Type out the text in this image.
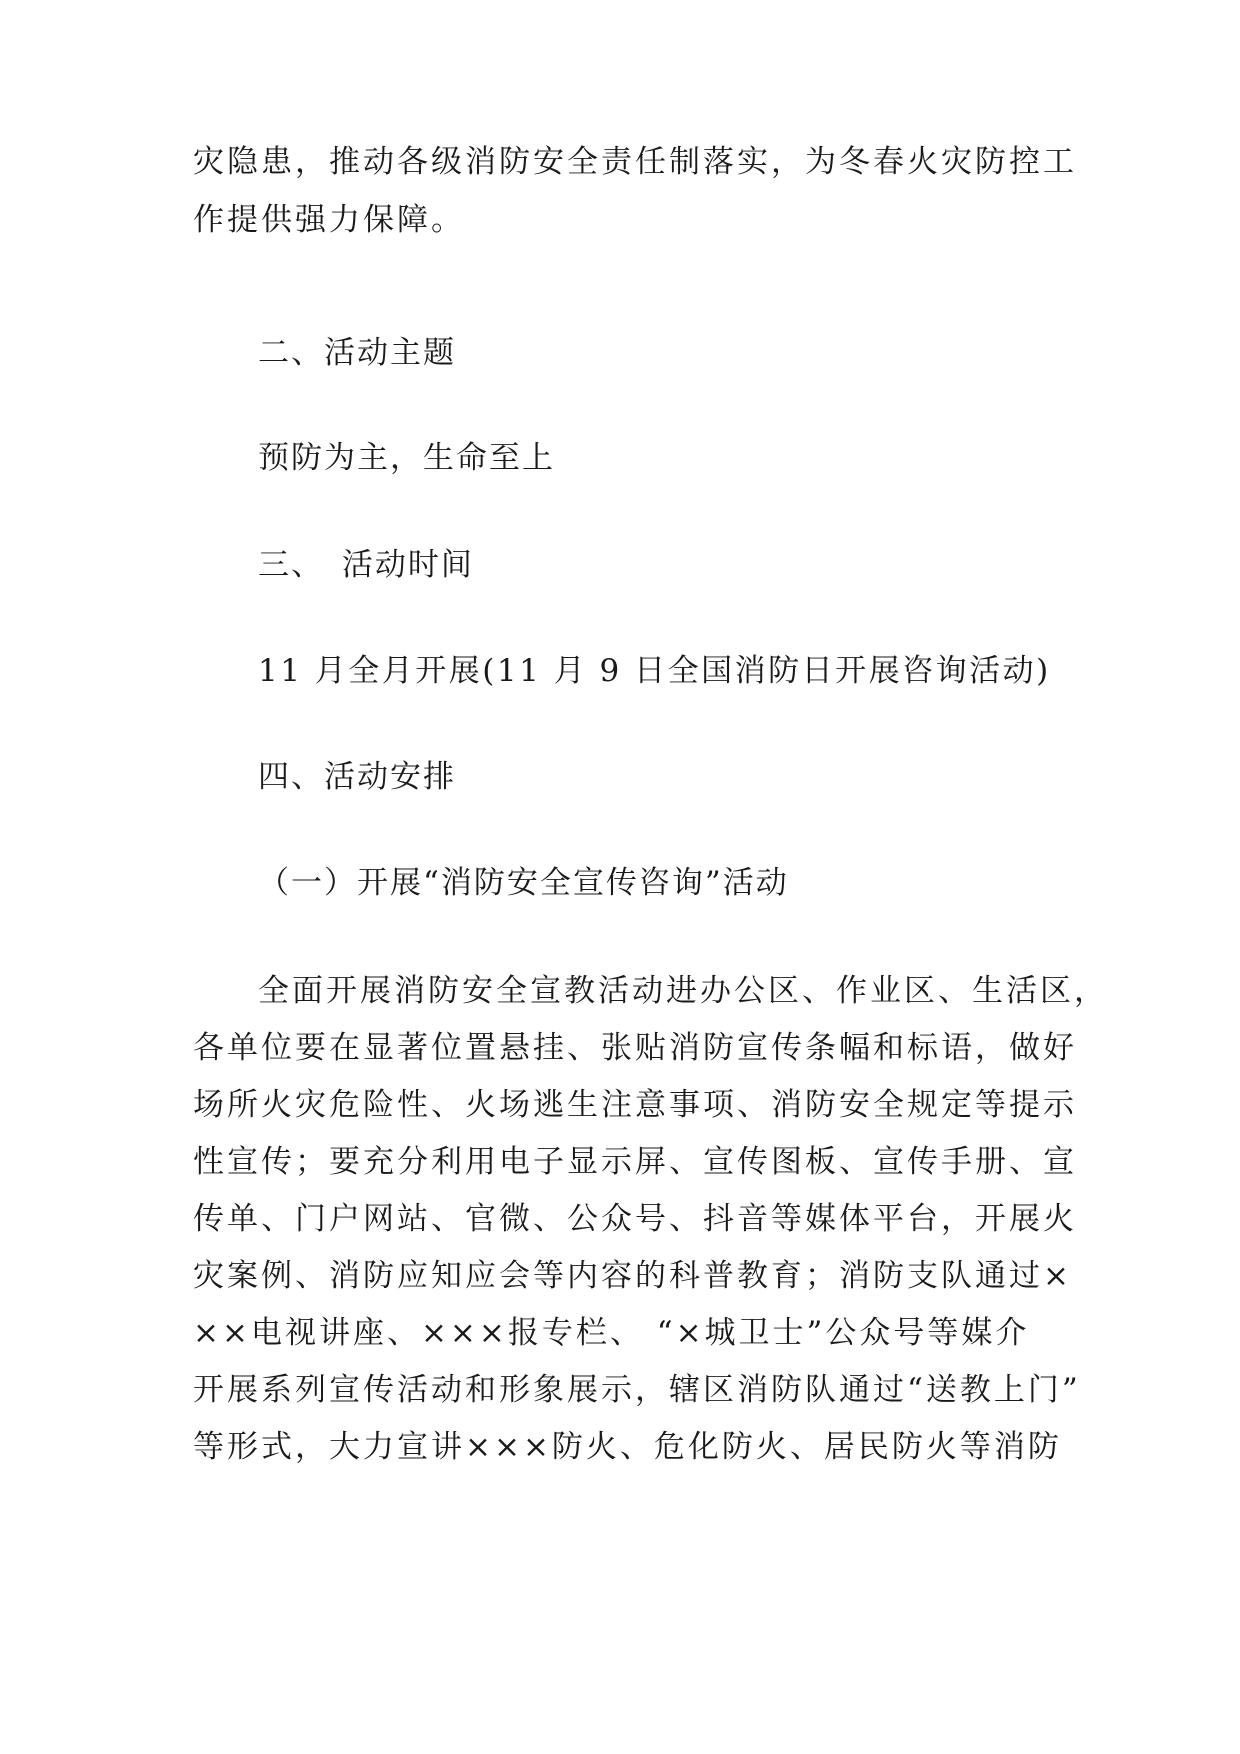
灾隐患，推动各级消防安全责任制落实，为冬春火灾防控工
作提供强力保障。
二、活动主题
预防为主，生命至上
三、 活动时间
11 月全月开展(11 月 9 日全国消防日开展咨询活动)
四、活动安排
（一）开展“消防安全宣传咨询”活动
全面开展消防安全宣教活动进办公区、作业区、生活区，
各单位要在显著位置悬挂、张贴消防宣传条幅和标语，做好
场所火灾危险性、火场逃生注意事项、消防安全规定等提示
性宣传；要充分利用电子显示屏、宣传图板、宣传手册、宣
传单、门户网站、官微、公众号、抖音等媒体平台，开展火
灾案例、消防应知应会等内容的科普教育；消防支队通过×
××电视讲座、×××报专栏、 “×城卫士”公众号等媒介
开展系列宣传活动和形象展示，辖区消防队通过“送教上门”
等形式，大力宣讲×××防火、危化防火、居民防火等消防
